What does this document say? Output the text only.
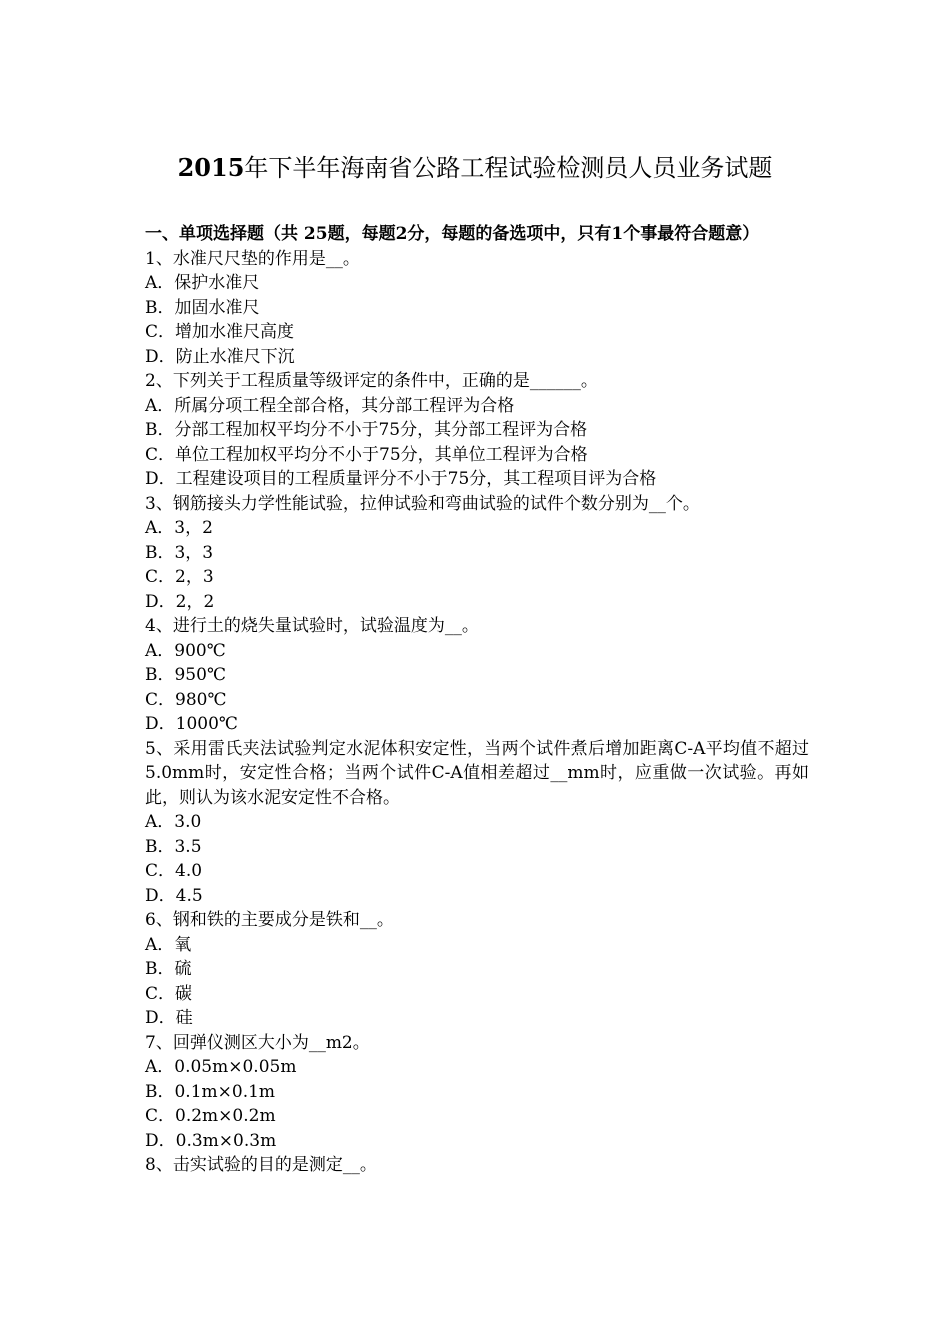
2015年下半年海南省公路工程试验检测员人员业务试题
一、单项选择题（共 25题，每题2分，每题的备选项中，只有1个事最符合题意）
1、水准尺尺垫的作用是__。
A．保护水准尺
B．加固水准尺
C．增加水准尺高度
D．防止水准尺下沉
2、下列关于工程质量等级评定的条件中，正确的是______。
A．所属分项工程全部合格，其分部工程评为合格
B．分部工程加权平均分不小于75分，其分部工程评为合格
C．单位工程加权平均分不小于75分，其单位工程评为合格
D．工程建设项目的工程质量评分不小于75分，其工程项目评为合格
3、钢筋接头力学性能试验，拉伸试验和弯曲试验的试件个数分别为__个。
A．3，2
B．3，3
C．2，3
D．2，2
4、进行土的烧失量试验时，试验温度为__。
A．900℃
B．950℃
C．980℃
D．1000℃
5、采用雷氏夹法试验判定水泥体积安定性，当两个试件煮后增加距离C-A平均值不超过5.0mm时，安定性合格；当两个试件C-A值相差超过__mm时，应重做一次试验。再如此，则认为该水泥安定性不合格。
A．3.0
B．3.5
C．4.0
D．4.5
6、钢和铁的主要成分是铁和__。
A．氧
B．硫
C．碳
D．硅
7、回弹仪测区大小为__m2。
A．0.05m×0.05m
B．0.1m×0.1m
C．0.2m×0.2m
D．0.3m×0.3m
8、击实试验的目的是测定__。
